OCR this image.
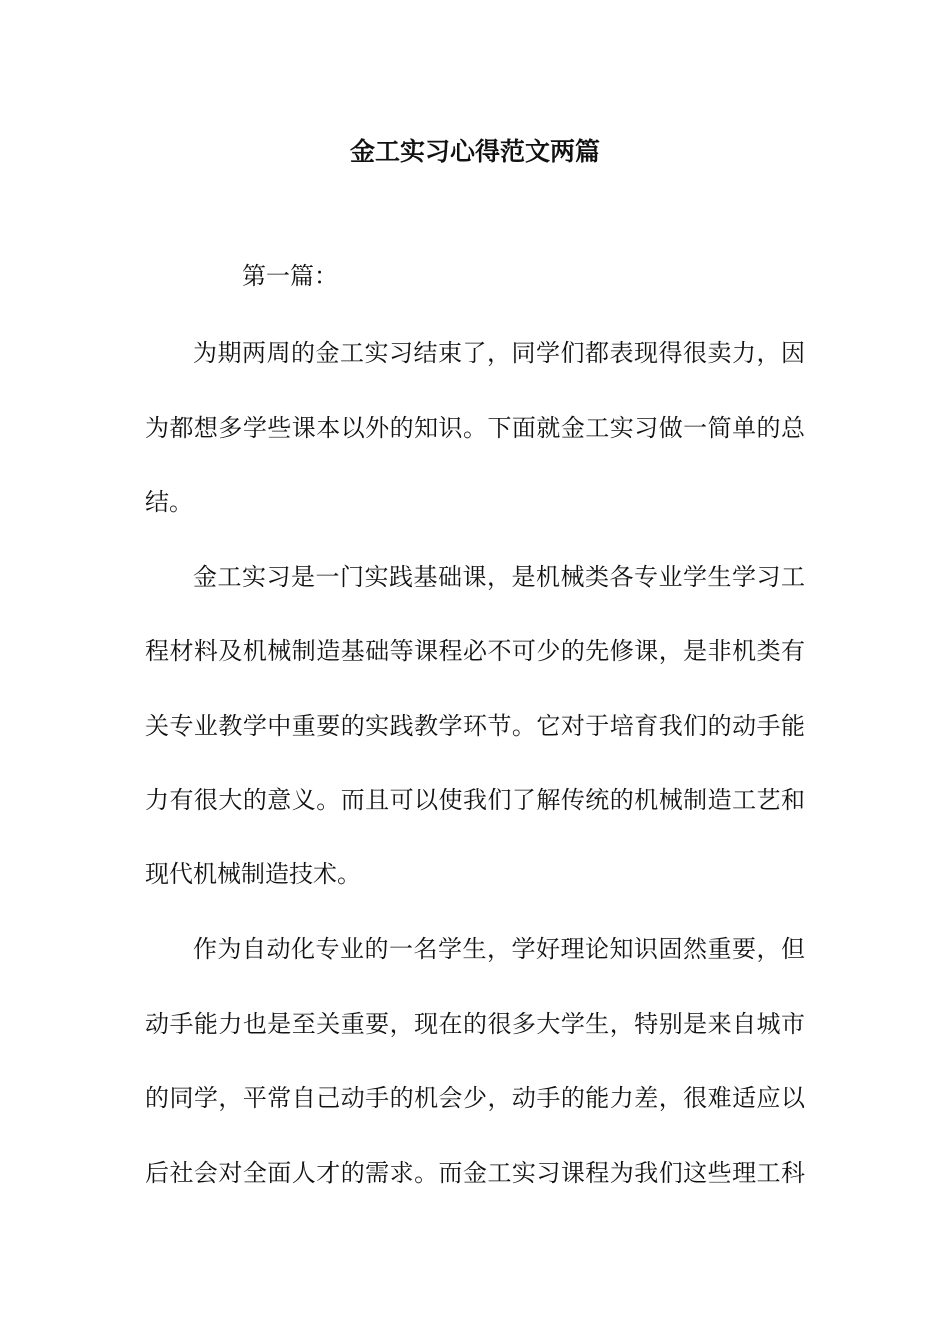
金工实习心得范文两篇
第一篇：
为期两周的金工实习结束了，同学们都表现得很卖力，因
为都想多学些课本以外的知识。下面就金工实习做一简单的总
结。
金工实习是一门实践基础课，是机械类各专业学生学习工
程材料及机械制造基础等课程必不可少的先修课，是非机类有
关专业教学中重要的实践教学环节。它对于培育我们的动手能
力有很大的意义。而且可以使我们了解传统的机械制造工艺和
现代机械制造技术。
作为自动化专业的一名学生，学好理论知识固然重要，但
动手能力也是至关重要，现在的很多大学生，特别是来自城市
的同学，平常自己动手的机会少，动手的能力差，很难适应以
后社会对全面人才的需求。而金工实习课程为我们这些理工科
